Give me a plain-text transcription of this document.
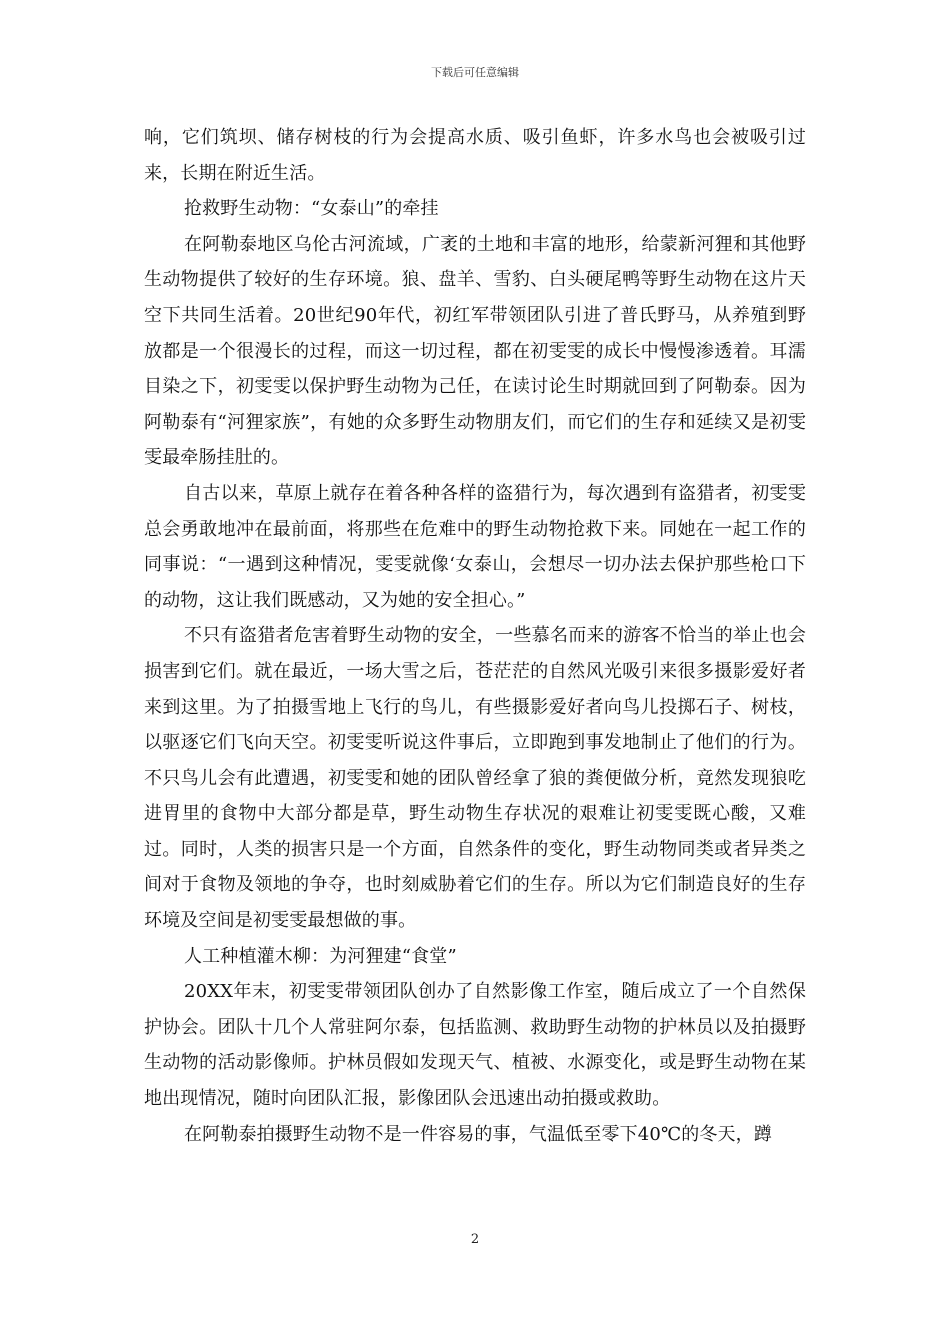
下载后可任意编辑

响，它们筑坝、储存树枝的行为会提高水质、吸引鱼虾，许多水鸟也会被吸引过来，长期在附近生活。

抢救野生动物：“女泰山”的牵挂

在阿勒泰地区乌伦古河流域，广袤的土地和丰富的地形，给蒙新河狸和其他野生动物提供了较好的生存环境。狼、盘羊、雪豹、白头硬尾鸭等野生动物在这片天空下共同生活着。20世纪90年代，初红军带领团队引进了普氏野马，从养殖到野放都是一个很漫长的过程，而这一切过程，都在初雯雯的成长中慢慢渗透着。耳濡目染之下，初雯雯以保护野生动物为己任，在读讨论生时期就回到了阿勒泰。因为阿勒泰有“河狸家族”，有她的众多野生动物朋友们，而它们的生存和延续又是初雯雯最牵肠挂肚的。

自古以来，草原上就存在着各种各样的盗猎行为，每次遇到有盗猎者，初雯雯总会勇敢地冲在最前面，将那些在危难中的野生动物抢救下来。同她在一起工作的同事说：“一遇到这种情况，雯雯就像‘女泰山，会想尽一切办法去保护那些枪口下的动物，这让我们既感动，又为她的安全担心。”

不只有盗猎者危害着野生动物的安全，一些慕名而来的游客不恰当的举止也会损害到它们。就在最近，一场大雪之后，苍茫茫的自然风光吸引来很多摄影爱好者来到这里。为了拍摄雪地上飞行的鸟儿，有些摄影爱好者向鸟儿投掷石子、树枝，以驱逐它们飞向天空。初雯雯听说这件事后，立即跑到事发地制止了他们的行为。不只鸟儿会有此遭遇，初雯雯和她的团队曾经拿了狼的粪便做分析，竟然发现狼吃进胃里的食物中大部分都是草，野生动物生存状况的艰难让初雯雯既心酸，又难过。同时，人类的损害只是一个方面，自然条件的变化，野生动物同类或者异类之间对于食物及领地的争夺，也时刻威胁着它们的生存。所以为它们制造良好的生存环境及空间是初雯雯最想做的事。

人工种植灌木柳：为河狸建“食堂”

20XX年末，初雯雯带领团队创办了自然影像工作室，随后成立了一个自然保护协会。团队十几个人常驻阿尔泰，包括监测、救助野生动物的护林员以及拍摄野生动物的活动影像师。护林员假如发现天气、植被、水源变化，或是野生动物在某地出现情况，随时向团队汇报，影像团队会迅速出动拍摄或救助。

在阿勒泰拍摄野生动物不是一件容易的事，气温低至零下40℃的冬天，蹲

2
